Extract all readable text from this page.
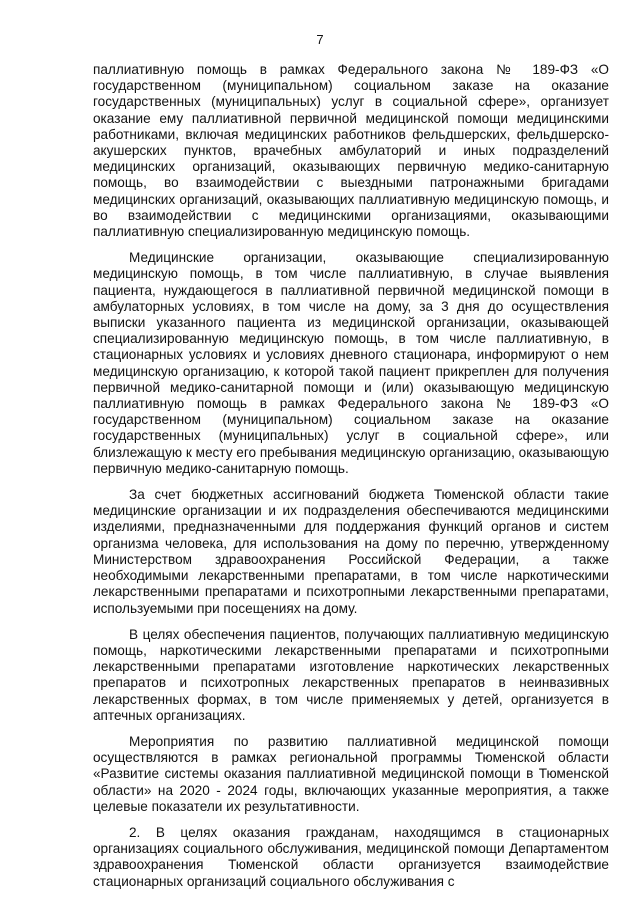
7

паллиативную помощь в рамках Федерального закона № 189-ФЗ «О государственном (муниципальном) социальном заказе на оказание государственных (муниципальных) услуг в социальной сфере», организует оказание ему паллиативной первичной медицинской помощи медицинскими работниками, включая медицинских работников фельдшерских, фельдшерско-акушерских пунктов, врачебных амбулаторий и иных подразделений медицинских организаций, оказывающих первичную медико-санитарную помощь, во взаимодействии с выездными патронажными бригадами медицинских организаций, оказывающих паллиативную медицинскую помощь, и во взаимодействии с медицинскими организациями, оказывающими паллиативную специализированную медицинскую помощь.

Медицинские организации, оказывающие специализированную медицинскую помощь, в том числе паллиативную, в случае выявления пациента, нуждающегося в паллиативной первичной медицинской помощи в амбулаторных условиях, в том числе на дому, за 3 дня до осуществления выписки указанного пациента из медицинской организации, оказывающей специализированную медицинскую помощь, в том числе паллиативную, в стационарных условиях и условиях дневного стационара, информируют о нем медицинскую организацию, к которой такой пациент прикреплен для получения первичной медико-санитарной помощи и (или) оказывающую медицинскую паллиативную помощь в рамках Федерального закона № 189-ФЗ «О государственном (муниципальном) социальном заказе на оказание государственных (муниципальных) услуг в социальной сфере», или близлежащую к месту его пребывания медицинскую организацию, оказывающую первичную медико-санитарную помощь.

За счет бюджетных ассигнований бюджета Тюменской области такие медицинские организации и их подразделения обеспечиваются медицинскими изделиями, предназначенными для поддержания функций органов и систем организма человека, для использования на дому по перечню, утвержденному Министерством здравоохранения Российской Федерации, а также необходимыми лекарственными препаратами, в том числе наркотическими лекарственными препаратами и психотропными лекарственными препаратами, используемыми при посещениях на дому.

В целях обеспечения пациентов, получающих паллиативную медицинскую помощь, наркотическими лекарственными препаратами и психотропными лекарственными препаратами изготовление наркотических лекарственных препаратов и психотропных лекарственных препаратов в неинвазивных лекарственных формах, в том числе применяемых у детей, организуется в аптечных организациях.

Мероприятия по развитию паллиативной медицинской помощи осуществляются в рамках региональной программы Тюменской области «Развитие системы оказания паллиативной медицинской помощи в Тюменской области» на 2020 - 2024 годы, включающих указанные мероприятия, а также целевые показатели их результативности.

2. В целях оказания гражданам, находящимся в стационарных организациях социального обслуживания, медицинской помощи Департаментом здравоохранения Тюменской области организуется взаимодействие стационарных организаций социального обслуживания с
